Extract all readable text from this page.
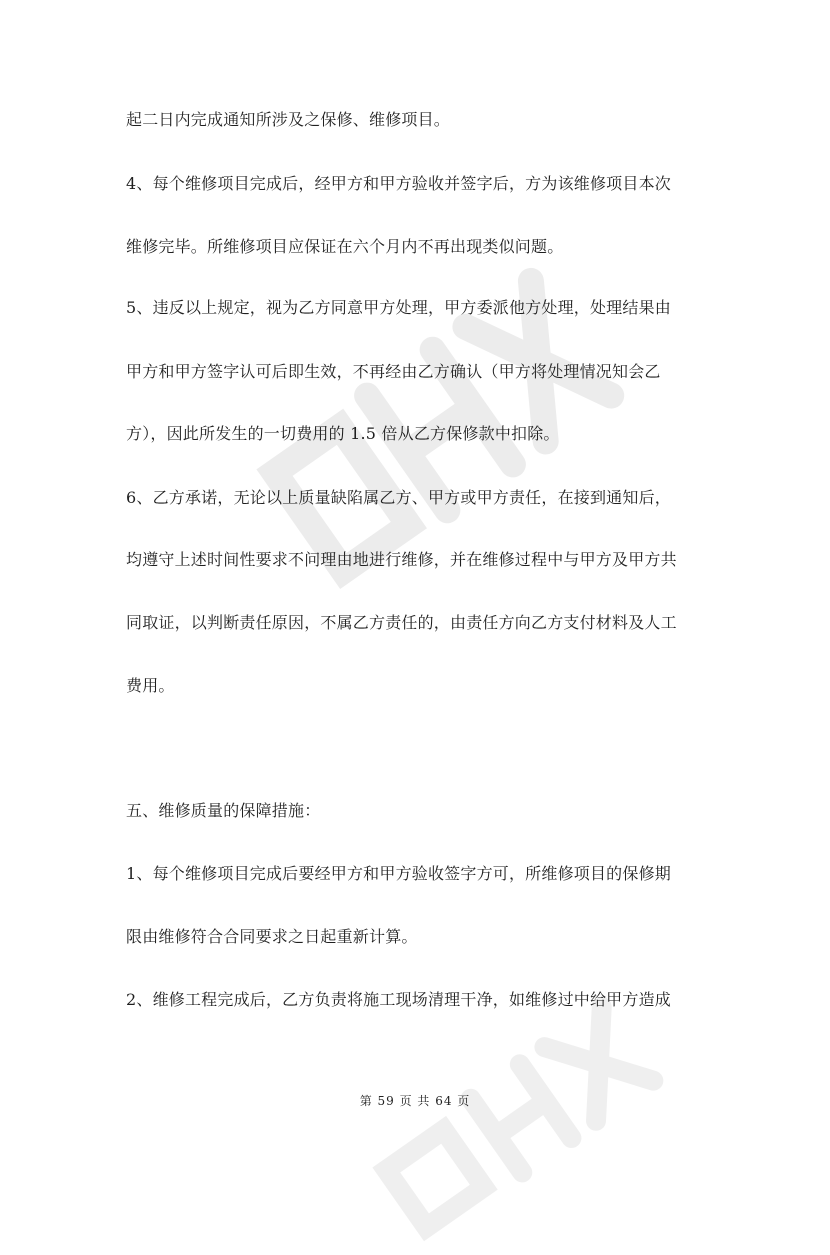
起二日内完成通知所涉及之保修、维修项目。
4、每个维修项目完成后，经甲方和甲方验收并签字后，方为该维修项目本次
维修完毕。所维修项目应保证在六个月内不再出现类似问题。
5、违反以上规定，视为乙方同意甲方处理，甲方委派他方处理，处理结果由
甲方和甲方签字认可后即生效，不再经由乙方确认（甲方将处理情况知会乙
方），因此所发生的一切费用的 1.5 倍从乙方保修款中扣除。
6、乙方承诺，无论以上质量缺陷属乙方、甲方或甲方责任，在接到通知后，
均遵守上述时间性要求不问理由地进行维修，并在维修过程中与甲方及甲方共
同取证，以判断责任原因，不属乙方责任的，由责任方向乙方支付材料及人工
费用。
五、维修质量的保障措施：
1、每个维修项目完成后要经甲方和甲方验收签字方可，所维修项目的保修期
限由维修符合合同要求之日起重新计算。
2、维修工程完成后，乙方负责将施工现场清理干净，如维修过中给甲方造成
第 59 页 共 64 页
